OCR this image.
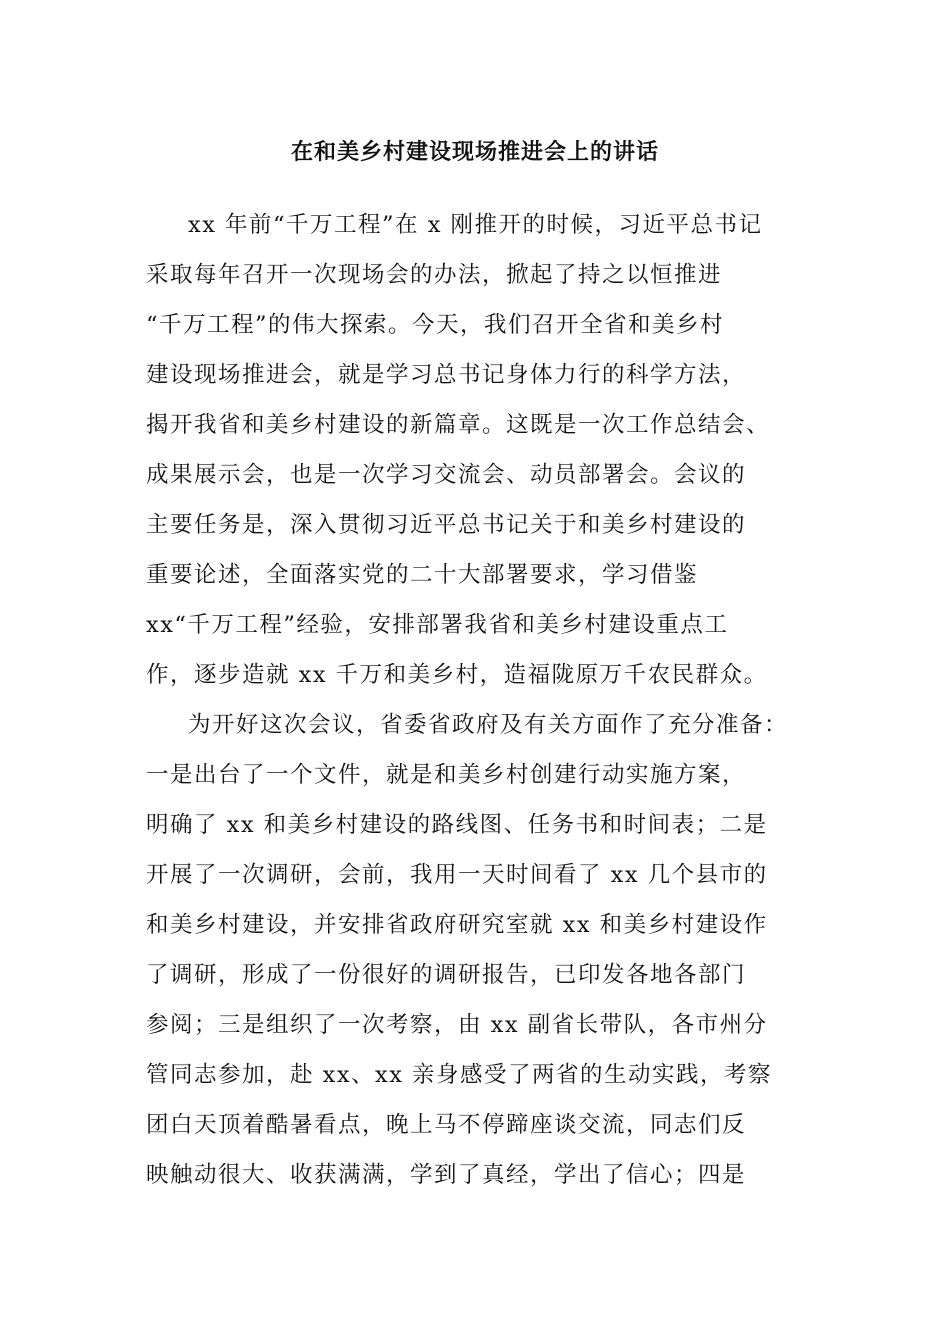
在和美乡村建设现场推进会上的讲话
xx 年前“千万工程”在 x 刚推开的时候，习近平总书记
采取每年召开一次现场会的办法，掀起了持之以恒推进
“千万工程”的伟大探索。今天，我们召开全省和美乡村
建设现场推进会，就是学习总书记身体力行的科学方法，
揭开我省和美乡村建设的新篇章。这既是一次工作总结会、
成果展示会，也是一次学习交流会、动员部署会。会议的
主要任务是，深入贯彻习近平总书记关于和美乡村建设的
重要论述，全面落实党的二十大部署要求，学习借鉴
xx“千万工程”经验，安排部署我省和美乡村建设重点工
作，逐步造就 xx 千万和美乡村，造福陇原万千农民群众。
为开好这次会议，省委省政府及有关方面作了充分准备：
一是出台了一个文件，就是和美乡村创建行动实施方案，
明确了 xx 和美乡村建设的路线图、任务书和时间表；二是
开展了一次调研，会前，我用一天时间看了 xx 几个县市的
和美乡村建设，并安排省政府研究室就 xx 和美乡村建设作
了调研，形成了一份很好的调研报告，已印发各地各部门
参阅；三是组织了一次考察，由 xx 副省长带队，各市州分
管同志参加，赴 xx、xx 亲身感受了两省的生动实践，考察
团白天顶着酷暑看点，晚上马不停蹄座谈交流，同志们反
映触动很大、收获满满，学到了真经，学出了信心；四是
